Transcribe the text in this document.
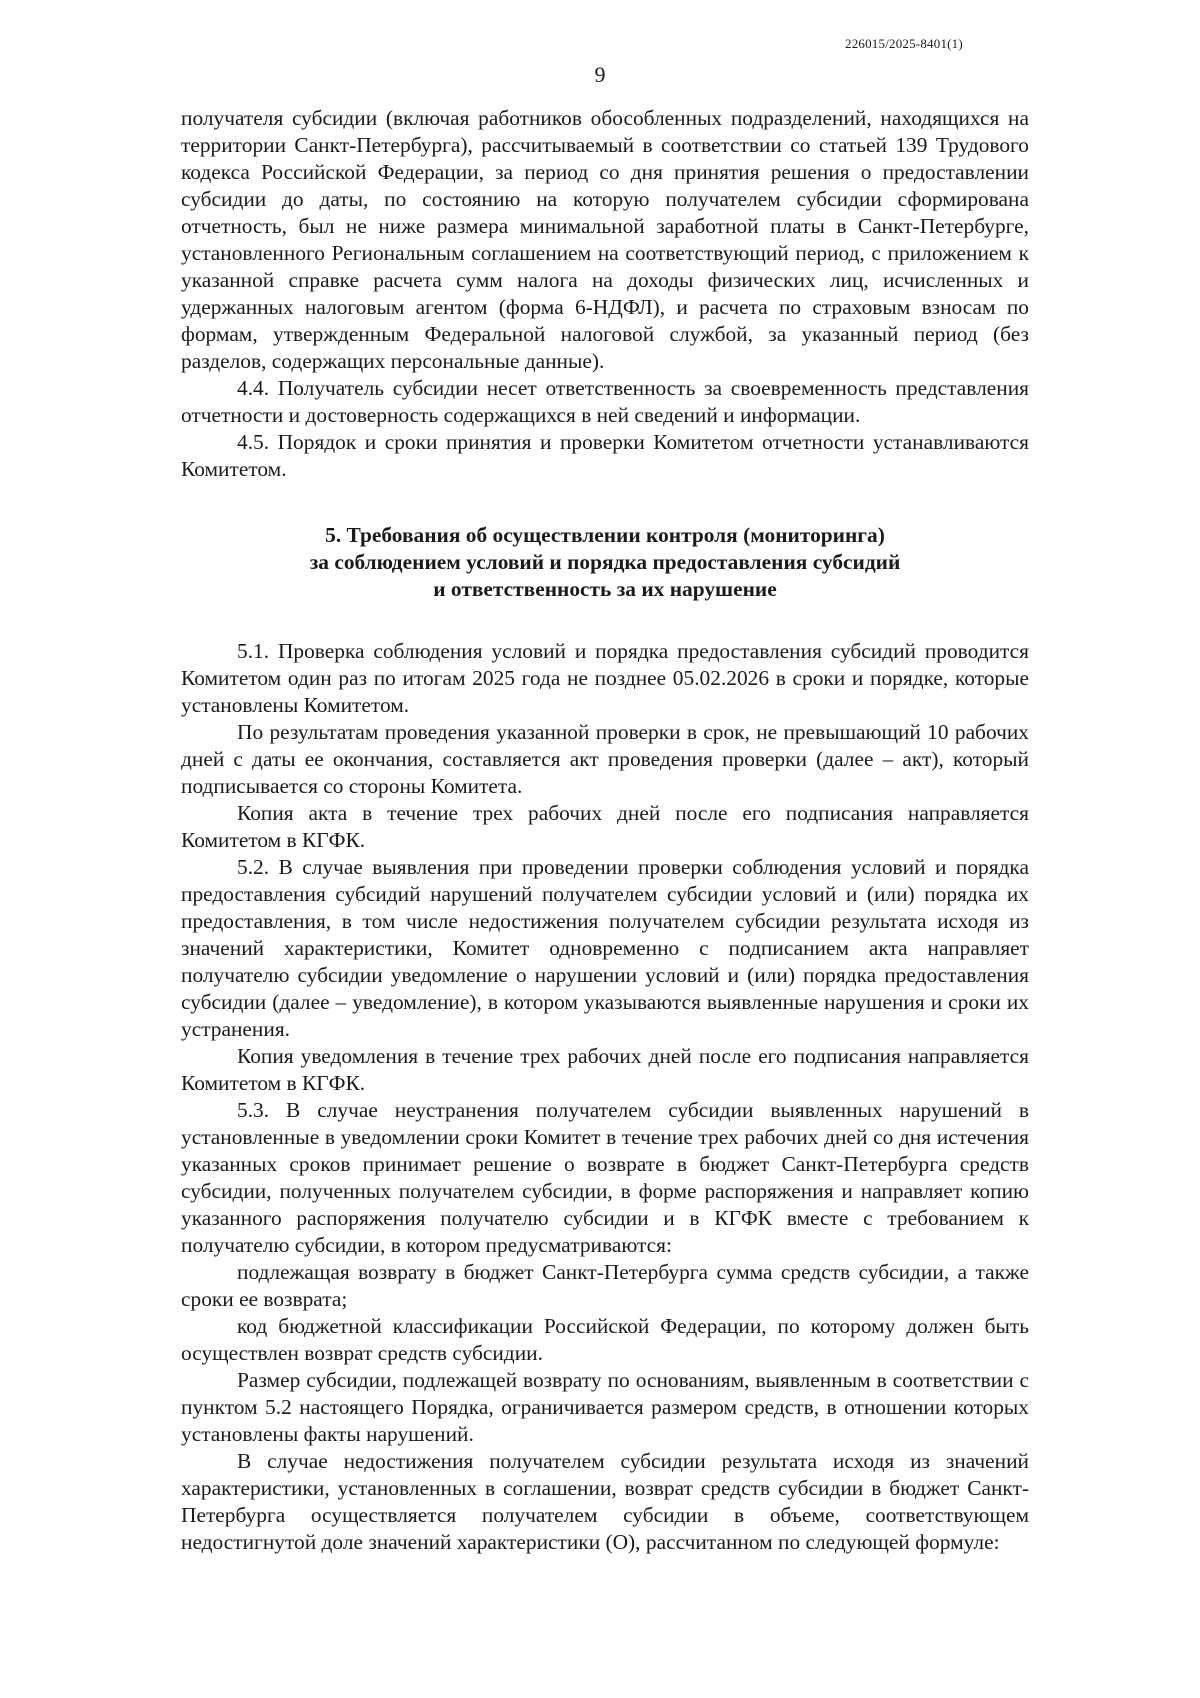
226015/2025-8401(1)
9

получателя субсидии (включая работников обособленных подразделений, находящихся на территории Санкт-Петербурга), рассчитываемый в соответствии со статьей 139 Трудового кодекса Российской Федерации, за период со дня принятия решения о предоставлении субсидии до даты, по состоянию на которую получателем субсидии сформирована отчетность, был не ниже размера минимальной заработной платы в Санкт-Петербурге, установленного Региональным соглашением на соответствующий период, с приложением к указанной справке расчета сумм налога на доходы физических лиц, исчисленных и удержанных налоговым агентом (форма 6-НДФЛ), и расчета по страховым взносам по формам, утвержденным Федеральной налоговой службой, за указанный период (без разделов, содержащих персональные данные).

4.4. Получатель субсидии несет ответственность за своевременность представления отчетности и достоверность содержащихся в ней сведений и информации.

4.5. Порядок и сроки принятия и проверки Комитетом отчетности устанавливаются Комитетом.

5. Требования об осуществлении контроля (мониторинга)
за соблюдением условий и порядка предоставления субсидий
и ответственность за их нарушение

5.1. Проверка соблюдения условий и порядка предоставления субсидий проводится Комитетом один раз по итогам 2025 года не позднее 05.02.2026 в сроки и порядке, которые установлены Комитетом.

По результатам проведения указанной проверки в срок, не превышающий 10 рабочих дней с даты ее окончания, составляется акт проведения проверки (далее – акт), который подписывается со стороны Комитета.

Копия акта в течение трех рабочих дней после его подписания направляется Комитетом в КГФК.

5.2. В случае выявления при проведении проверки соблюдения условий и порядка предоставления субсидий нарушений получателем субсидии условий и (или) порядка их предоставления, в том числе недостижения получателем субсидии результата исходя из значений характеристики, Комитет одновременно с подписанием акта направляет получателю субсидии уведомление о нарушении условий и (или) порядка предоставления субсидии (далее – уведомление), в котором указываются выявленные нарушения и сроки их устранения.

Копия уведомления в течение трех рабочих дней после его подписания направляется Комитетом в КГФК.

5.3. В случае неустранения получателем субсидии выявленных нарушений в установленные в уведомлении сроки Комитет в течение трех рабочих дней со дня истечения указанных сроков принимает решение о возврате в бюджет Санкт-Петербурга средств субсидии, полученных получателем субсидии, в форме распоряжения и направляет копию указанного распоряжения получателю субсидии и в КГФК вместе с требованием к получателю субсидии, в котором предусматриваются:

подлежащая возврату в бюджет Санкт-Петербурга сумма средств субсидии, а также сроки ее возврата;

код бюджетной классификации Российской Федерации, по которому должен быть осуществлен возврат средств субсидии.

Размер субсидии, подлежащей возврату по основаниям, выявленным в соответствии с пунктом 5.2 настоящего Порядка, ограничивается размером средств, в отношении которых установлены факты нарушений.

В случае недостижения получателем субсидии результата исходя из значений характеристики, установленных в соглашении, возврат средств субсидии в бюджет Санкт-Петербурга осуществляется получателем субсидии в объеме, соответствующем недостигнутой доле значений характеристики (О), рассчитанном по следующей формуле:
